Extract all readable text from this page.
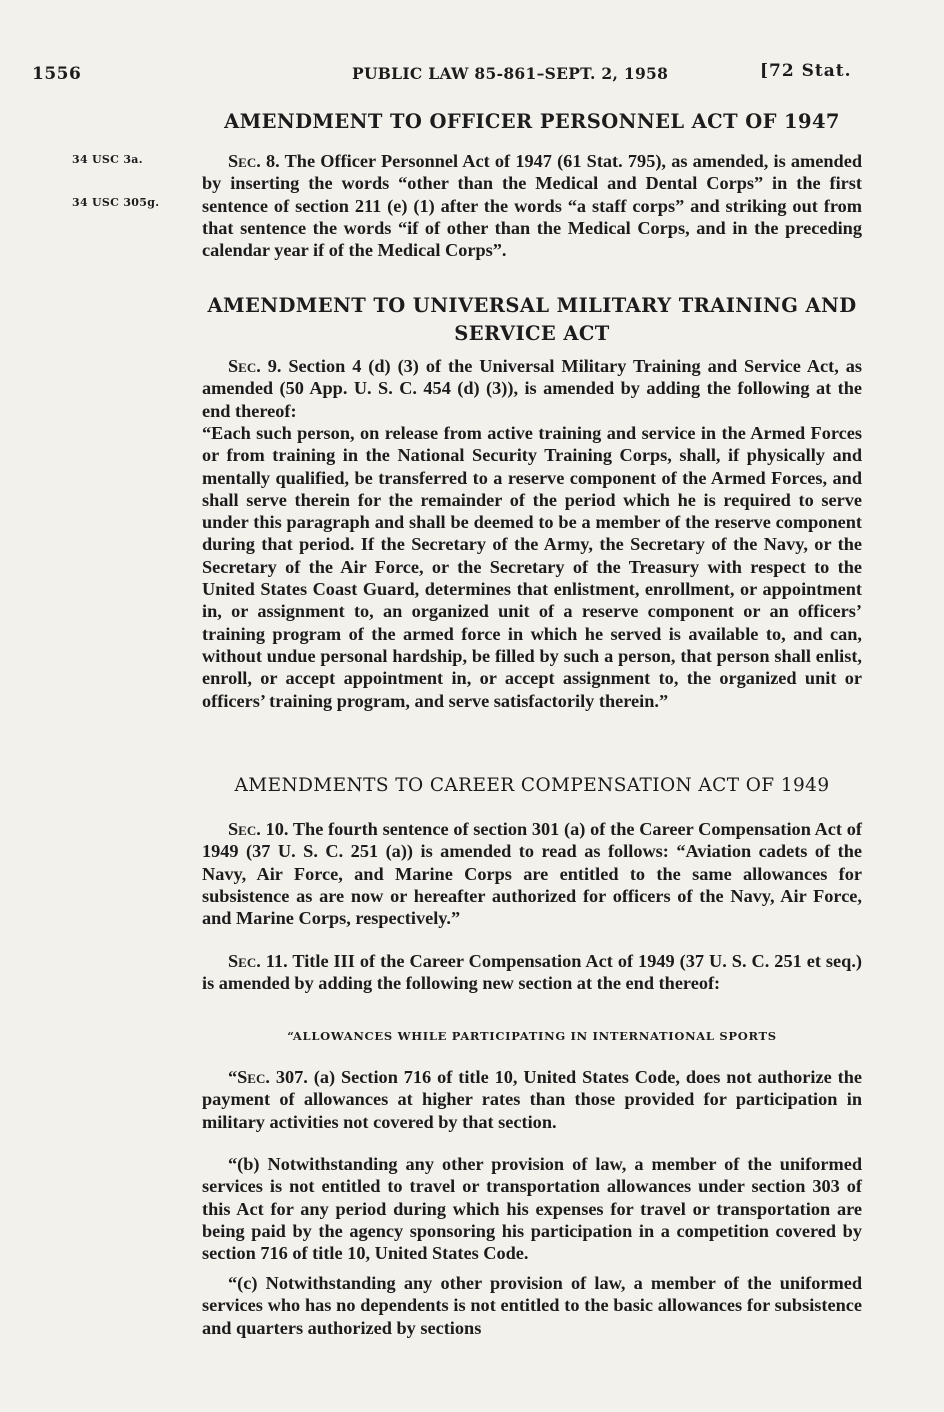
1556	PUBLIC LAW 85-861–SEPT. 2, 1958	[72 Stat.
AMENDMENT TO OFFICER PERSONNEL ACT OF 1947
34 USC 3a.
34 USC 305g.
Sec. 8. The Officer Personnel Act of 1947 (61 Stat. 795), as amended, is amended by inserting the words “other than the Medical and Dental Corps” in the first sentence of section 211 (e) (1) after the words “a staff corps” and striking out from that sentence the words “if of other than the Medical Corps, and in the preceding calendar year if of the Medical Corps”.
AMENDMENT TO UNIVERSAL MILITARY TRAINING AND SERVICE ACT
Sec. 9. Section 4 (d) (3) of the Universal Military Training and Service Act, as amended (50 App. U. S. C. 454 (d) (3)), is amended by adding the following at the end thereof:
“Each such person, on release from active training and service in the Armed Forces or from training in the National Security Training Corps, shall, if physically and mentally qualified, be transferred to a reserve component of the Armed Forces, and shall serve therein for the remainder of the period which he is required to serve under this paragraph and shall be deemed to be a member of the reserve component during that period. If the Secretary of the Army, the Secretary of the Navy, or the Secretary of the Air Force, or the Secretary of the Treasury with respect to the United States Coast Guard, determines that enlistment, enrollment, or appointment in, or assignment to, an organized unit of a reserve component or an officers’ training program of the armed force in which he served is available to, and can, without undue personal hardship, be filled by such a person, that person shall enlist, enroll, or accept appointment in, or accept assignment to, the organized unit or officers’ training program, and serve satisfactorily therein.”
AMENDMENTS TO CAREER COMPENSATION ACT OF 1949
Sec. 10. The fourth sentence of section 301 (a) of the Career Compensation Act of 1949 (37 U. S. C. 251 (a)) is amended to read as follows: “Aviation cadets of the Navy, Air Force, and Marine Corps are entitled to the same allowances for subsistence as are now or hereafter authorized for officers of the Navy, Air Force, and Marine Corps, respectively.”
Sec. 11. Title III of the Career Compensation Act of 1949 (37 U. S. C. 251 et seq.) is amended by adding the following new section at the end thereof:
“ALLOWANCES WHILE PARTICIPATING IN INTERNATIONAL SPORTS
“Sec. 307. (a) Section 716 of title 10, United States Code, does not authorize the payment of allowances at higher rates than those provided for participation in military activities not covered by that section.
“(b) Notwithstanding any other provision of law, a member of the uniformed services is not entitled to travel or transportation allowances under section 303 of this Act for any period during which his expenses for travel or transportation are being paid by the agency sponsoring his participation in a competition covered by section 716 of title 10, United States Code.
“(c) Notwithstanding any other provision of law, a member of the uniformed services who has no dependents is not entitled to the basic allowances for subsistence and quarters authorized by sections
